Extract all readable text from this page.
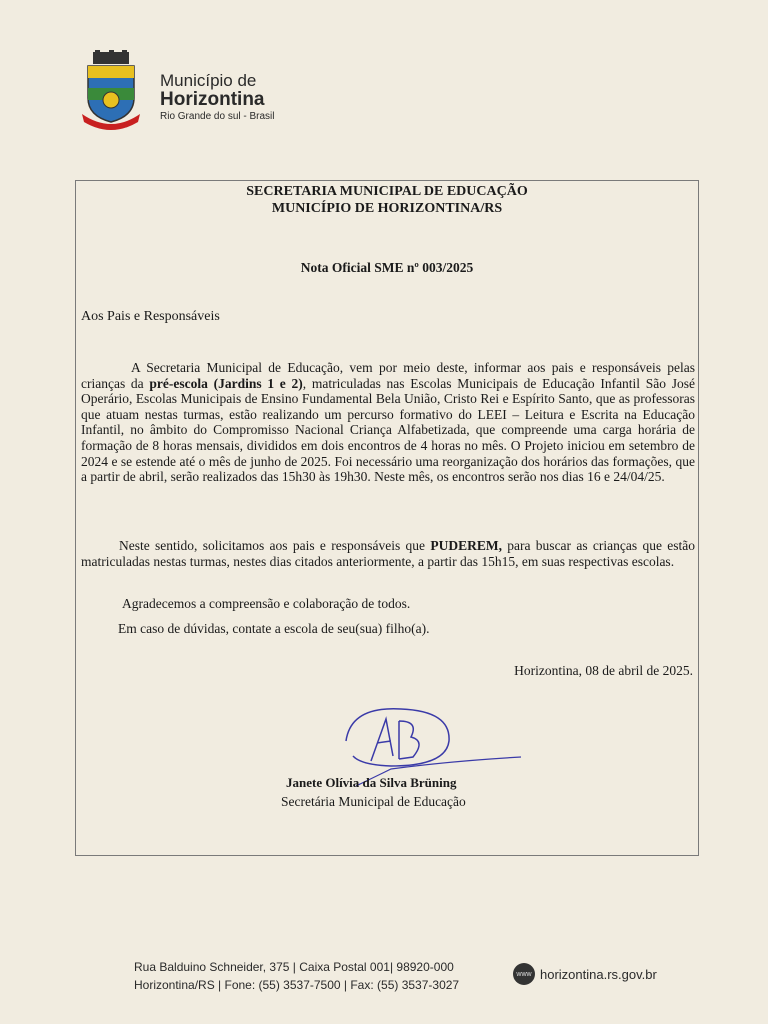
Município de
Horizontina
Rio Grande do sul - Brasil
SECRETARIA MUNICIPAL DE EDUCAÇÃO
MUNICÍPIO DE HORIZONTINA/RS
Nota Oficial SME nº 003/2025
Aos Pais e Responsáveis
A Secretaria Municipal de Educação, vem por meio deste, informar aos pais e responsáveis pelas crianças da pré-escola (Jardins 1 e 2), matriculadas nas Escolas Municipais de Educação Infantil São José Operário, Escolas Municipais de Ensino Fundamental Bela União, Cristo Rei e Espírito Santo, que as professoras que atuam nestas turmas, estão realizando um percurso formativo do LEEI – Leitura e Escrita na Educação Infantil, no âmbito do Compromisso Nacional Criança Alfabetizada, que compreende uma carga horária de formação de 8 horas mensais, divididos em dois encontros de 4 horas no mês. O Projeto iniciou em setembro de 2024 e se estende até o mês de junho de 2025. Foi necessário uma reorganização dos horários das formações, que a partir de abril, serão realizados das 15h30 às 19h30. Neste mês, os encontros serão nos dias 16 e 24/04/25.
Neste sentido, solicitamos aos pais e responsáveis que PUDEREM, para buscar as crianças que estão matriculadas nestas turmas, nestes dias citados anteriormente, a partir das 15h15, em suas respectivas escolas.
Agradecemos a compreensão e colaboração de todos.
Em caso de dúvidas, contate a escola de seu(sua) filho(a).
Horizontina, 08 de abril de 2025.
Janete Olívia da Silva Brüning
Secretária Municipal de Educação
Rua Balduino Schneider, 375 | Caixa Postal 001| 98920-000
Horizontina/RS | Fone: (55) 3537-7500 | Fax: (55) 3537-3027
www horizontina.rs.gov.br
